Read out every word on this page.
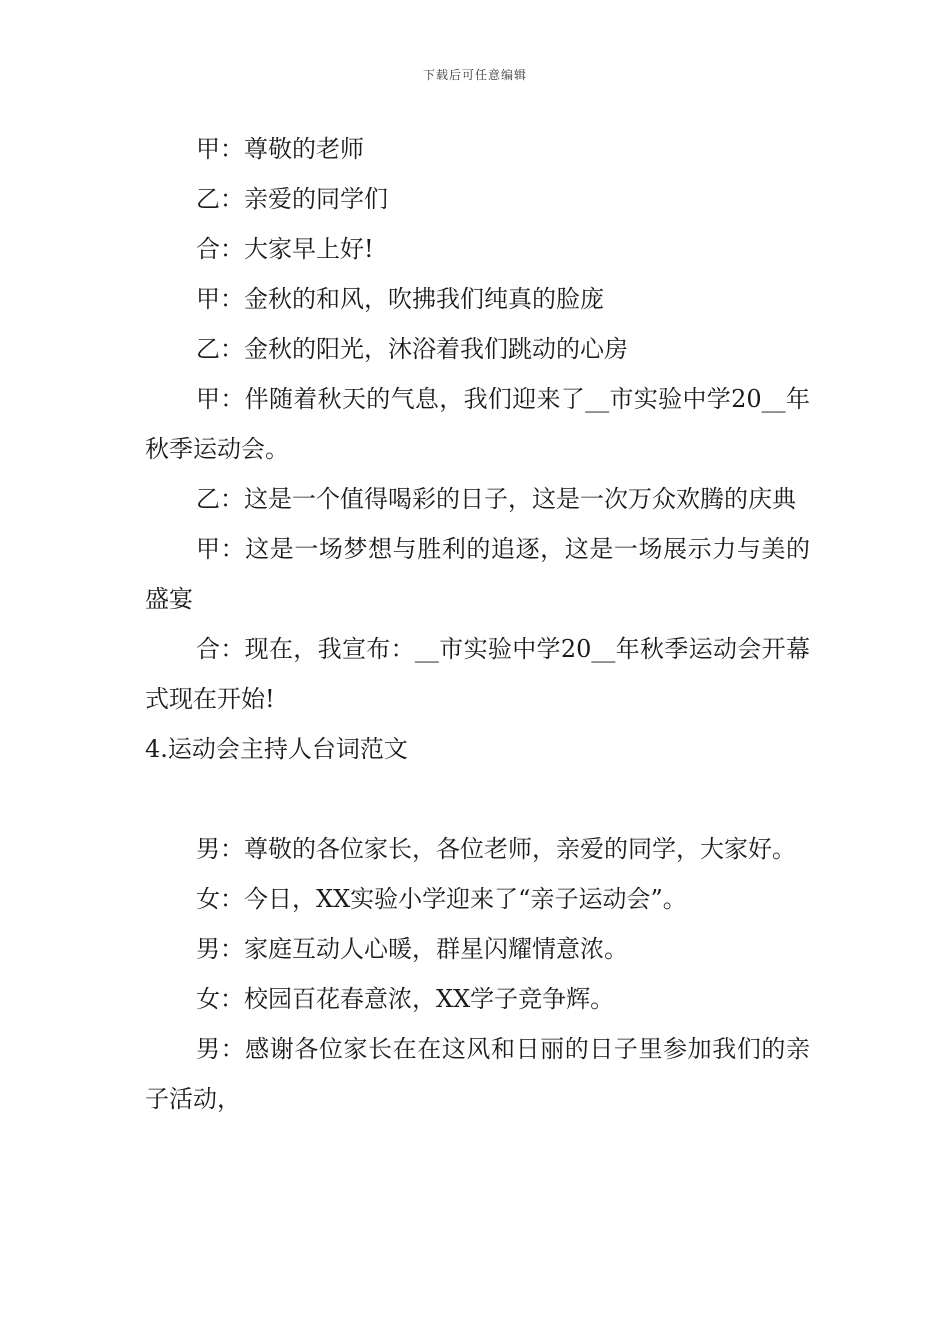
下载后可任意编辑

甲：尊敬的老师

乙：亲爱的同学们

合：大家早上好!

甲：金秋的和风，吹拂我们纯真的脸庞

乙：金秋的阳光，沐浴着我们跳动的心房

甲：伴随着秋天的气息，我们迎来了__市实验中学20__年秋季运动会。

乙：这是一个值得喝彩的日子，这是一次万众欢腾的庆典

甲：这是一场梦想与胜利的追逐，这是一场展示力与美的盛宴

合：现在，我宣布：__市实验中学20__年秋季运动会开幕式现在开始!

4.运动会主持人台词范文

男：尊敬的各位家长，各位老师，亲爱的同学，大家好。

女：今日，XX实验小学迎来了“亲子运动会”。

男：家庭互动人心暖，群星闪耀情意浓。

女：校园百花春意浓，XX学子竞争辉。

男：感谢各位家长在在这风和日丽的日子里参加我们的亲子活动，
